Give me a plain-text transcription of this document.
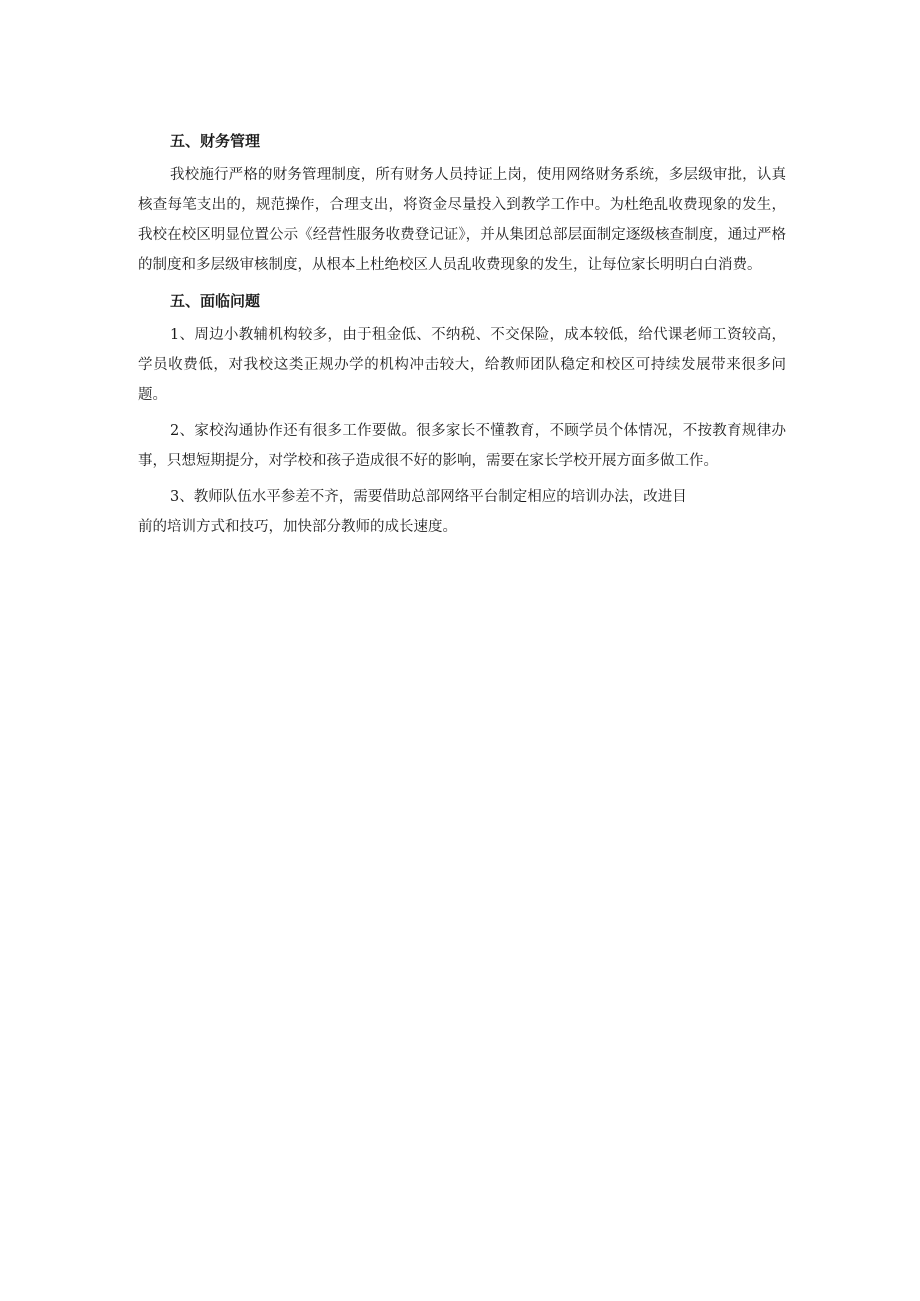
五、财务管理

我校施行严格的财务管理制度，所有财务人员持证上岗，使用网络财务系统，多层级审批，认真核查每笔支出的，规范操作，合理支出，将资金尽量投入到教学工作中。为杜绝乱收费现象的发生，我校在校区明显位置公示《经营性服务收费登记证》，并从集团总部层面制定逐级核查制度，通过严格的制度和多层级审核制度，从根本上杜绝校区人员乱收费现象的发生，让每位家长明明白白消费。

五、面临问题

1、周边小教辅机构较多，由于租金低、不纳税、不交保险，成本较低，给代课老师工资较高，学员收费低，对我校这类正规办学的机构冲击较大，给教师团队稳定和校区可持续发展带来很多问题。

2、家校沟通协作还有很多工作要做。很多家长不懂教育，不顾学员个体情况，不按教育规律办事，只想短期提分，对学校和孩子造成很不好的影响，需要在家长学校开展方面多做工作。

3、教师队伍水平参差不齐，需要借助总部网络平台制定相应的培训办法，改进目

前的培训方式和技巧，加快部分教师的成长速度。
